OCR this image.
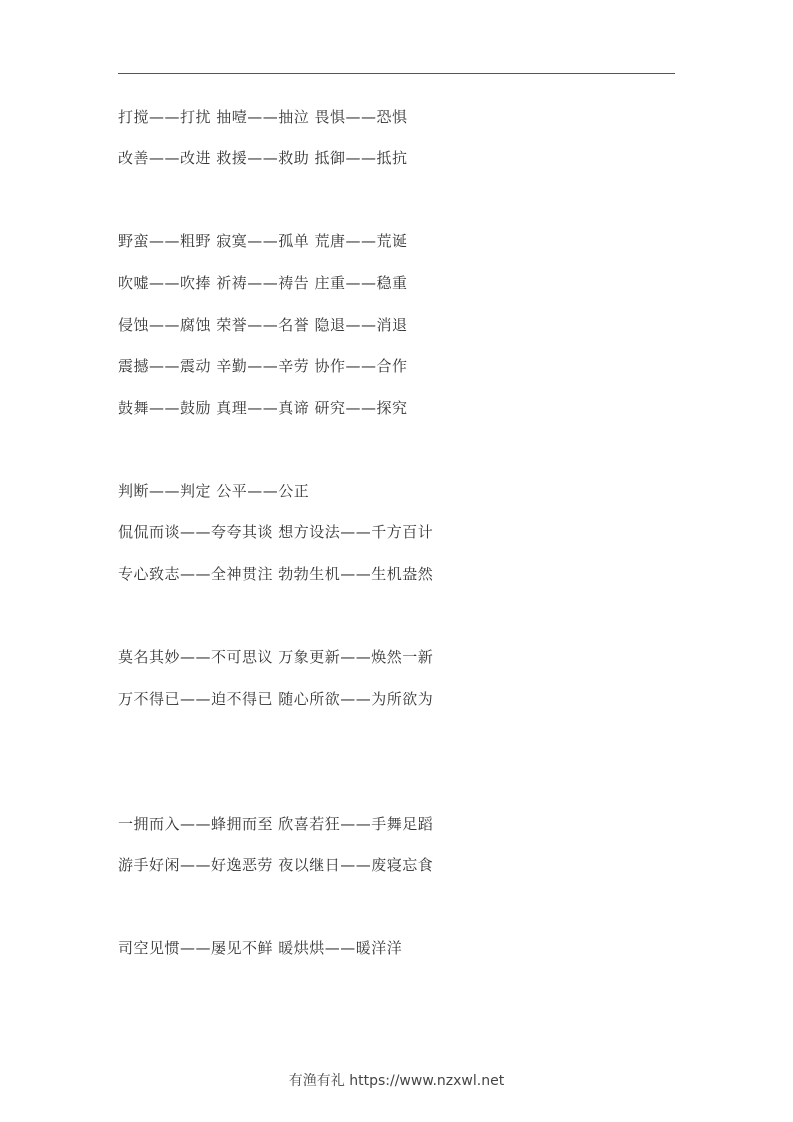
打搅——打扰 抽噎——抽泣 畏惧——恐惧
改善——改进 救援——救助 抵御——抵抗
野蛮——粗野 寂寞——孤单 荒唐——荒诞
吹嘘——吹捧 祈祷——祷告 庄重——稳重
侵蚀——腐蚀 荣誉——名誉 隐退——消退
震撼——震动 辛勤——辛劳 协作——合作
鼓舞——鼓励 真理——真谛 研究——探究
判断——判定 公平——公正
侃侃而谈——夸夸其谈 想方设法——千方百计
专心致志——全神贯注 勃勃生机——生机盎然
莫名其妙——不可思议 万象更新——焕然一新
万不得已——迫不得已 随心所欲——为所欲为
一拥而入——蜂拥而至 欣喜若狂——手舞足蹈
游手好闲——好逸恶劳 夜以继日——废寝忘食
司空见惯——屡见不鲜 暖烘烘——暖洋洋
有渔有礼 https://www.nzxwl.net
